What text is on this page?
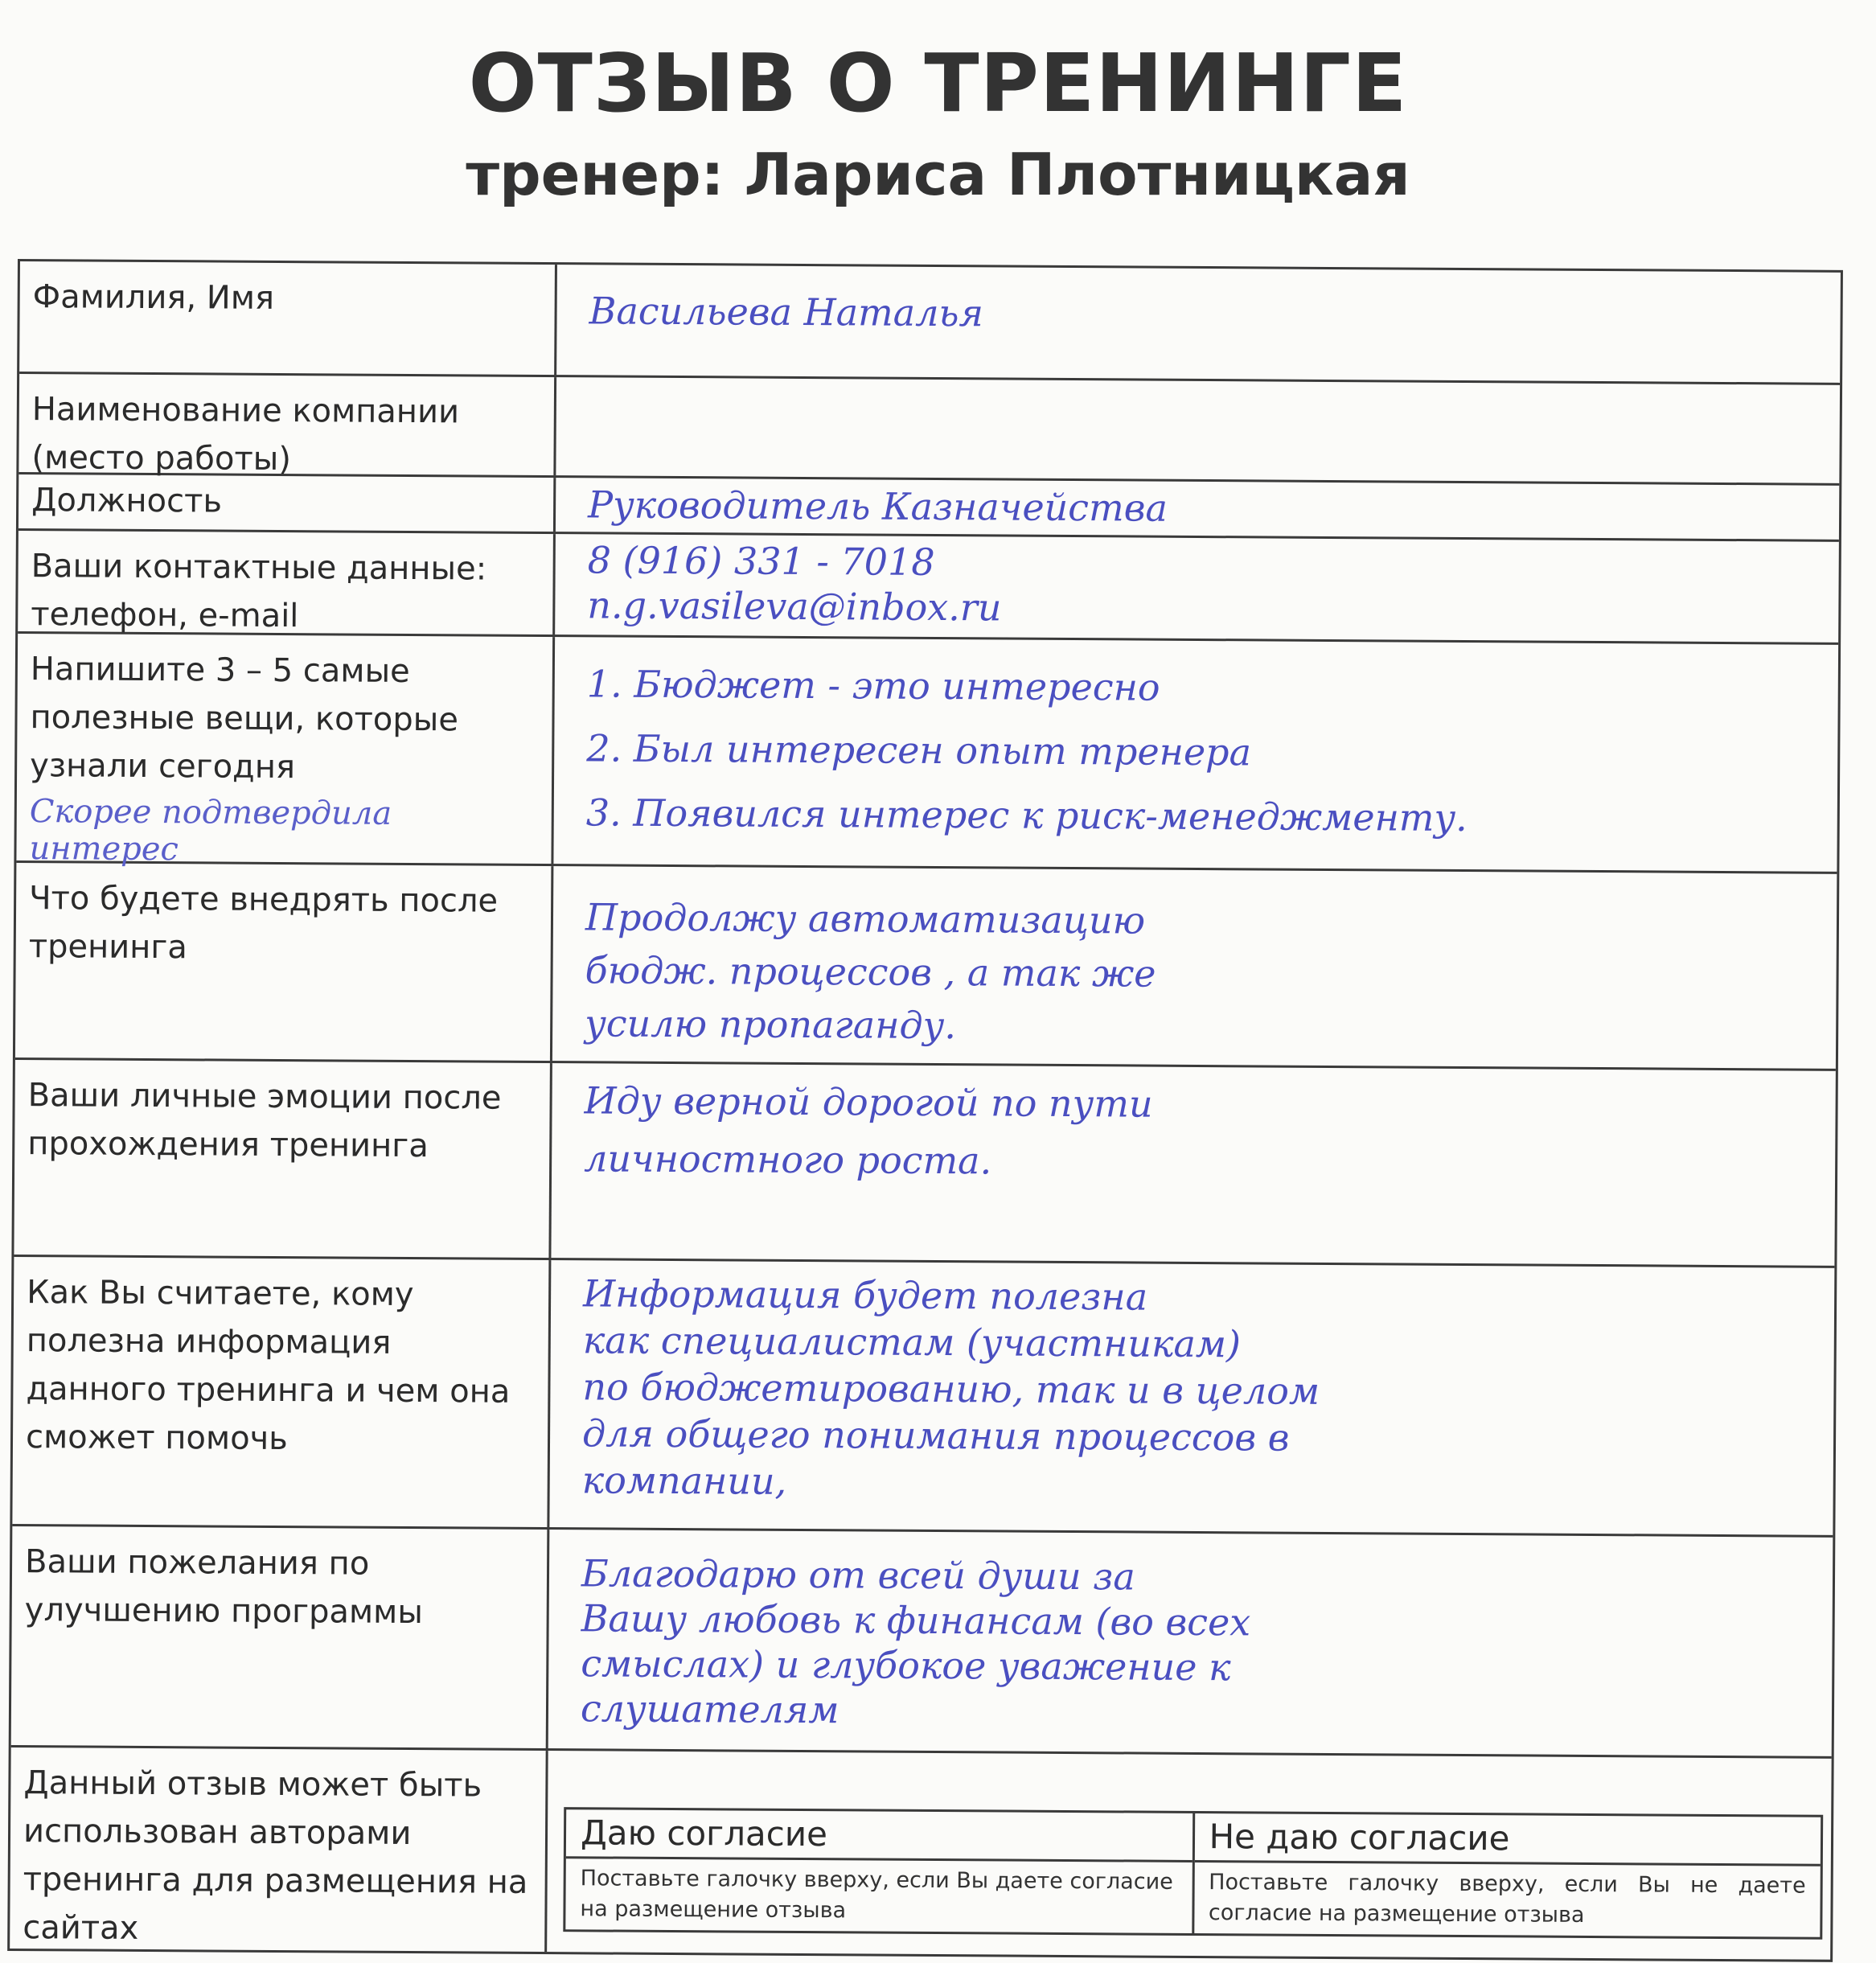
ОТЗЫВ О ТРЕНИНГЕ
тренер: Лариса Плотницкая
Фамилия, Имя	Васильева Наталья
Наименование компании (место работы)
Должность	Руководитель Казначейства
Ваши контактные данные: телефон, e-mail
8 (916) 331 - 7018
n.g.vasileva@inbox.ru
Напишите 3 – 5 самые полезные вещи, которые узнали сегодня
Скорее подтвердила интерес
1. Бюджет - это интересно
2. Был интересен опыт тренера
3. Появился интерес к риск-менеджменту.
Что будете внедрять после тренинга
Продолжу автоматизацию
бюдж. процессов , а так же
усилю пропаганду.
Ваши личные эмоции после прохождения тренинга
Иду верной дорогой по пути
личностного роста.
Как Вы считаете, кому полезна информация данного тренинга и чем она сможет помочь
Информация будет полезна
как специалистам (участникам)
по бюджетированию, так и в целом
для общего понимания процессов в
компании,
Ваши пожелания по улучшению программы
Благодарю от всей души за
Вашу любовь к финансам (во всех
смыслах) и глубокое уважение к
слушателям
Данный отзыв может быть использован авторами тренинга для размещения на сайтах
Даю согласие
Поставьте галочку вверху, если Вы даете согласие на размещение отзыва
Не даю согласие
Поставьте галочку вверху, если Вы не даете согласие на размещение отзыва
